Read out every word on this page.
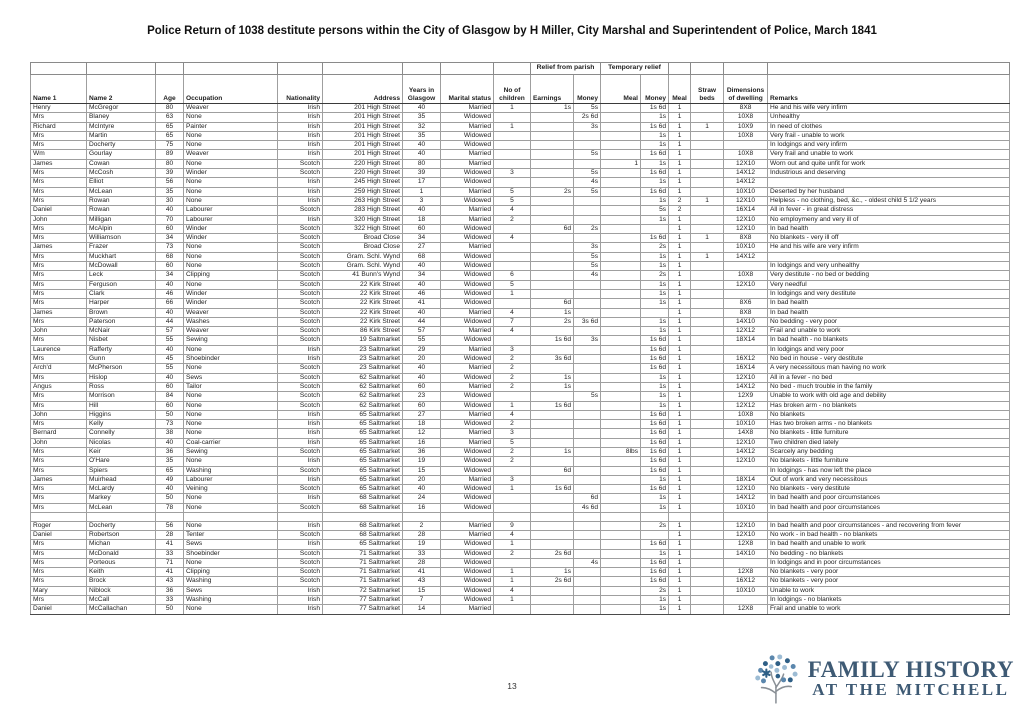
Police Return of 1038 destitute persons within the City of Glasgow by H Miller, City Marshal and Superintendent of Police, March 1841
									Relief from parish		Temporary relief					
Name 1	Name 2	Age	Occupation	Nationality	Address	Years in Glasgow	Marital status	No of children	Earnings	Money	Meal	Money	Meal	Straw beds	Dimensions of dwelling	Remarks
Henry	McGregor	80	Weaver	Irish	201 High Street	40	Married	1	1s	5s		1s 6d	1		8X8	He and his wife very infirm
Mrs	Blaney	63	None	Irish	201 High Street	35	Widowed			2s 6d		1s	1		10X8	Unhealthy
Richard	McIntyre	65	Painter	Irish	201 High Street	32	Married	1		3s		1s 6d	1	1	10X9	In need of clothes
Mrs	Martin	65	None	Irish	201 High Street	35	Widowed					1s	1		10X8	Very frail - unable to work
Mrs	Docherty	75	None	Irish	201 High Street	40	Widowed					1s	1			In lodgings and very infirm
Wm	Gourlay	89	Weaver	Irish	201 High Street	40	Married			5s		1s 6d	1		10X8	Very frail and unable to work
James	Cowan	80	None	Scotch	220 High Street	80	Married				1	1s	1		12X10	Worn out and quite unfit for work
Mrs	McCosh	39	Winder	Scotch	220 High Street	39	Widowed	3		5s		1s 6d	1		14X12	Industrious and deserving
Mrs	Elliot	56	None	Irish	245 High Street	17	Widowed			4s		1s	1		14X12	
Mrs	McLean	35	None	Irish	259 High Street	1	Married	5	2s	5s		1s 6d	1		10X10	Deserted by her husband
Mrs	Rowan	30	None	Irish	263 High Street	3	Widowed	5				1s	2	1	12X10	Helpless - no clothing, bed, &c., - oldest child 5 1/2 years
Daniel	Rowan	40	Labourer	Scotch	283 High Street	40	Married	4				5s	2		16X14	All in fever - in great distress
John	Milligan	70	Labourer	Irish	320 High Street	18	Married	2				1s	1		12X10	No employmeny and very ill of
Mrs	McAlpin	60	Winder	Scotch	322 High Street	60	Widowed		6d	2s			1		12X10	In bad health
Mrs	Williamson	34	Winder	Scotch	Broad Close	34	Widowed	4				1s 6d	1	1	8X8	No blankets - very ill off
James	Frazer	73	None	Scotch	Broad Close	27	Married			3s		2s	1		10X10	He and his wife are very infirm
Mrs	Muckhart	68	None	Scotch	Gram. Schl. Wynd	68	Widowed			5s		1s	1	1	14X12	
Mrs	McDowall	60	None	Scotch	Gram. Schl. Wynd	40	Widowed			5s		1s	1			In lodgings and very unhealthy
Mrs	Leck	34	Clipping	Scotch	41 Bunn's Wynd	34	Widowed	6		4s		2s	1		10X8	Very destitute - no bed or bedding
Mrs	Ferguson	40	None	Scotch	22 Kirk Street	40	Widowed	5				1s	1		12X10	Very needful
Mrs	Clark	46	Winder	Scotch	22 Kirk Street	46	Widowed	1				1s	1			In lodgings and very destitute
Mrs	Harper	66	Winder	Scotch	22 Kirk Street	41	Widowed		6d			1s	1		8X6	In bad health
James	Brown	40	Weaver	Scotch	22 Kirk Street	40	Married	4	1s				1		8X8	In bad health
Mrs	Paterson	44	Washes	Scotch	22 Kirk Street	44	Widowed	7	2s	3s 6d		1s	1		14X10	No bedding - very poor
John	McNair	57	Weaver	Scotch	86 Kirk Street	57	Married	4				1s	1		12X12	Frail and unable to work
Mrs	Nisbet	55	Sewing	Scotch	19 Saltmarket	55	Widowed		1s 6d	3s		1s 6d	1		18X14	In bad health - no blankets
Laurence	Rafferty	40	None	Irish	23 Saltmarket	29	Married	3				1s 6d	1			In lodgings and very poor
Mrs	Gunn	45	Shoebinder	Irish	23 Saltmarket	20	Widowed	2	3s 6d			1s 6d	1		16X12	No bed in house - very destitute
Arch'd	McPherson	55	None	Scotch	23 Saltmarket	40	Married	2				1s 6d	1		16X14	A very necessitous man having no work
Mrs	Hislop	40	Sews	Scotch	62 Saltmarket	40	Widowed	2	1s			1s	1		12X10	All in a fever - no bed
Angus	Ross	60	Tailor	Scotch	62 Saltmarket	60	Married	2	1s			1s	1		14X12	No bed - much trouble in the family
Mrs	Morrison	84	None	Scotch	62 Saltmarket	23	Widowed			5s		1s	1		12X9	Unable to work with old age and debility
Mrs	Hill	60	None	Scotch	62 Saltmarket	60	Widowed	1	1s 6d			1s	1		12X12	Has broken arm - no blankets
John	Higgins	50	None	Irish	65 Saltmarket	27	Married	4				1s 6d	1		10X8	No blankets
Mrs	Kelly	73	None	Irish	65 Saltmarket	18	Widowed	2				1s 6d	1		10X10	Has two broken arms - no blankets
Bernard	Connelly	38	None	Irish	65 Saltmarket	12	Married	3				1s 6d	1		14X8	No blankets - little furniture
John	Nicolas	40	Coal-carrier	Irish	65 Saltmarket	16	Married	5				1s 6d	1		12X10	Two children died lately
Mrs	Keir	36	Sewing	Scotch	65 Saltmarket	36	Widowed	2	1s		8lbs	1s 6d	1		14X12	Scarcely any bedding
Mrs	O'Hare	35	None	Irish	65 Saltmarket	19	Widowed	2				1s 6d	1		12X10	No blankets - little furniture
Mrs	Spiers	65	Washing	Scotch	65 Saltmarket	15	Widowed		6d			1s 6d	1			In lodgings - has now left the place
James	Muirhead	49	Labourer	Irish	65 Saltmarket	20	Married	3				1s	1		18X14	Out of work and very necessitous
Mrs	McLardy	40	Veining	Scotch	65 Saltmarket	40	Widowed	1	1s 6d			1s 6d	1		12X10	No blankets - very destitute
Mrs	Markey	50	None	Irish	68 Saltmarket	24	Widowed			6d		1s	1		14X12	In bad health and poor circumstances
Mrs	McLean	78	None	Scotch	68 Saltmarket	16	Widowed			4s 6d		1s	1		10X10	In bad health and poor circumstances

Roger	Docherty	56	None	Irish	68 Saltmarket	2	Married	9				2s	1		12X10	In bad health and poor circumstances - and recovering from fever
Daniel	Robertson	28	Tenter	Scotch	68 Saltmarket	28	Married	4					1		12X10	No work - in bad health - no blankets
Mrs	Michan	41	Sews	Irish	65 Saltmarket	19	Widowed	1				1s 6d	1		12X8	In bad health and unable to work
Mrs	McDonald	33	Shoebinder	Scotch	71 Saltmarket	33	Widowed	2	2s 6d			1s	1		14X10	No bedding - no blankets
Mrs	Porteous	71	None	Scotch	71 Saltmarket	28	Widowed			4s		1s 6d	1			In lodgings and in poor circumstances
Mrs	Keith	41	Clipping	Scotch	71 Saltmarket	41	Widowed	1	1s			1s 6d	1		12X8	No blankets - very poor
Mrs	Brock	43	Washing	Scotch	71 Saltmarket	43	Widowed	1	2s 6d			1s 6d	1		16X12	No blankets - very poor
Mary	Niblock	36	Sews	Irish	72 Saltmarket	15	Widowed	4				2s	1		10X10	Unable to work
Mrs	McCall	33	Washing	Irish	77 Saltmarket	7	Widowed	1				1s	1			In lodgings - no blankets
Daniel	McCallachan	50	None	Irish	77 Saltmarket	14	Married					1s	1		12X8	Frail and unable to work
13
FAMILY HISTORY
AT THE MITCHELL
